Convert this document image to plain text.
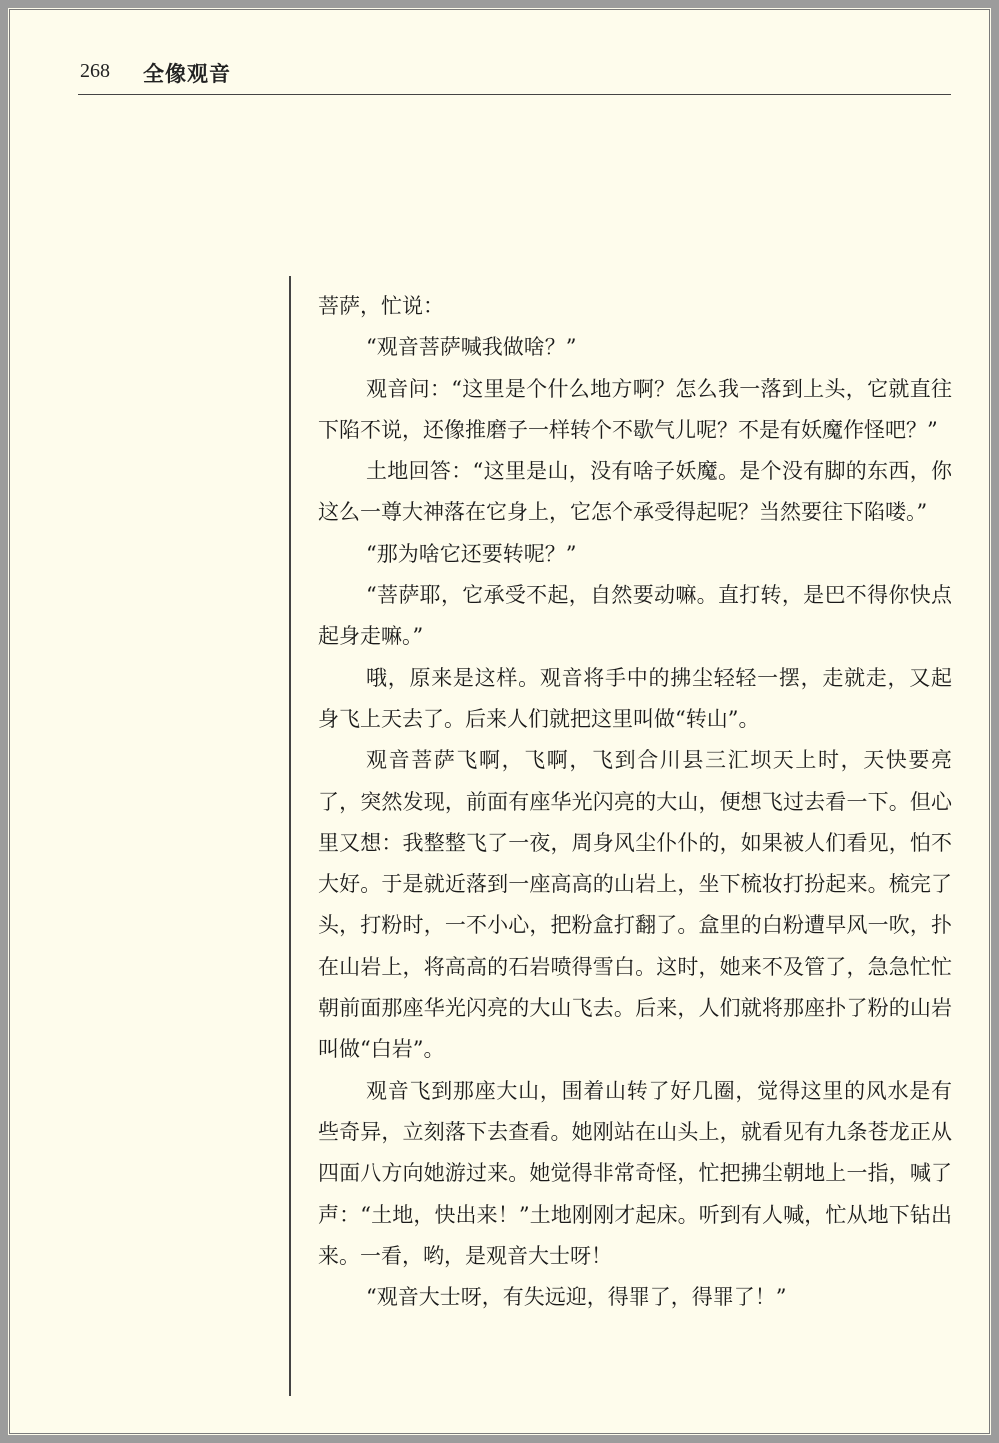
268 全像观音

菩萨，忙说：

“观音菩萨喊我做啥？”

观音问：“这里是个什么地方啊？怎么我一落到上头，它就直往下陷不说，还像推磨子一样转个不歇气儿呢？不是有妖魔作怪吧？”

土地回答：“这里是山，没有啥子妖魔。是个没有脚的东西，你这么一尊大神落在它身上，它怎个承受得起呢？当然要往下陷喽。”

“那为啥它还要转呢？”

“菩萨耶，它承受不起，自然要动嘛。直打转，是巴不得你快点起身走嘛。”

哦，原来是这样。观音将手中的拂尘轻轻一摆，走就走，又起身飞上天去了。后来人们就把这里叫做“转山”。

观音菩萨飞啊，飞啊，飞到合川县三汇坝天上时，天快要亮了，突然发现，前面有座华光闪亮的大山，便想飞过去看一下。但心里又想：我整整飞了一夜，周身风尘仆仆的，如果被人们看见，怕不大好。于是就近落到一座高高的山岩上，坐下梳妆打扮起来。梳完了头，打粉时，一不小心，把粉盒打翻了。盒里的白粉遭早风一吹，扑在山岩上，将高高的石岩喷得雪白。这时，她来不及管了，急急忙忙朝前面那座华光闪亮的大山飞去。后来，人们就将那座扑了粉的山岩叫做“白岩”。

观音飞到那座大山，围着山转了好几圈，觉得这里的风水是有些奇异，立刻落下去查看。她刚站在山头上，就看见有九条苍龙正从四面八方向她游过来。她觉得非常奇怪，忙把拂尘朝地上一指，喊了声：“土地，快出来！”土地刚刚才起床。听到有人喊，忙从地下钻出来。一看，哟，是观音大士呀！

“观音大士呀，有失远迎，得罪了，得罪了！”
